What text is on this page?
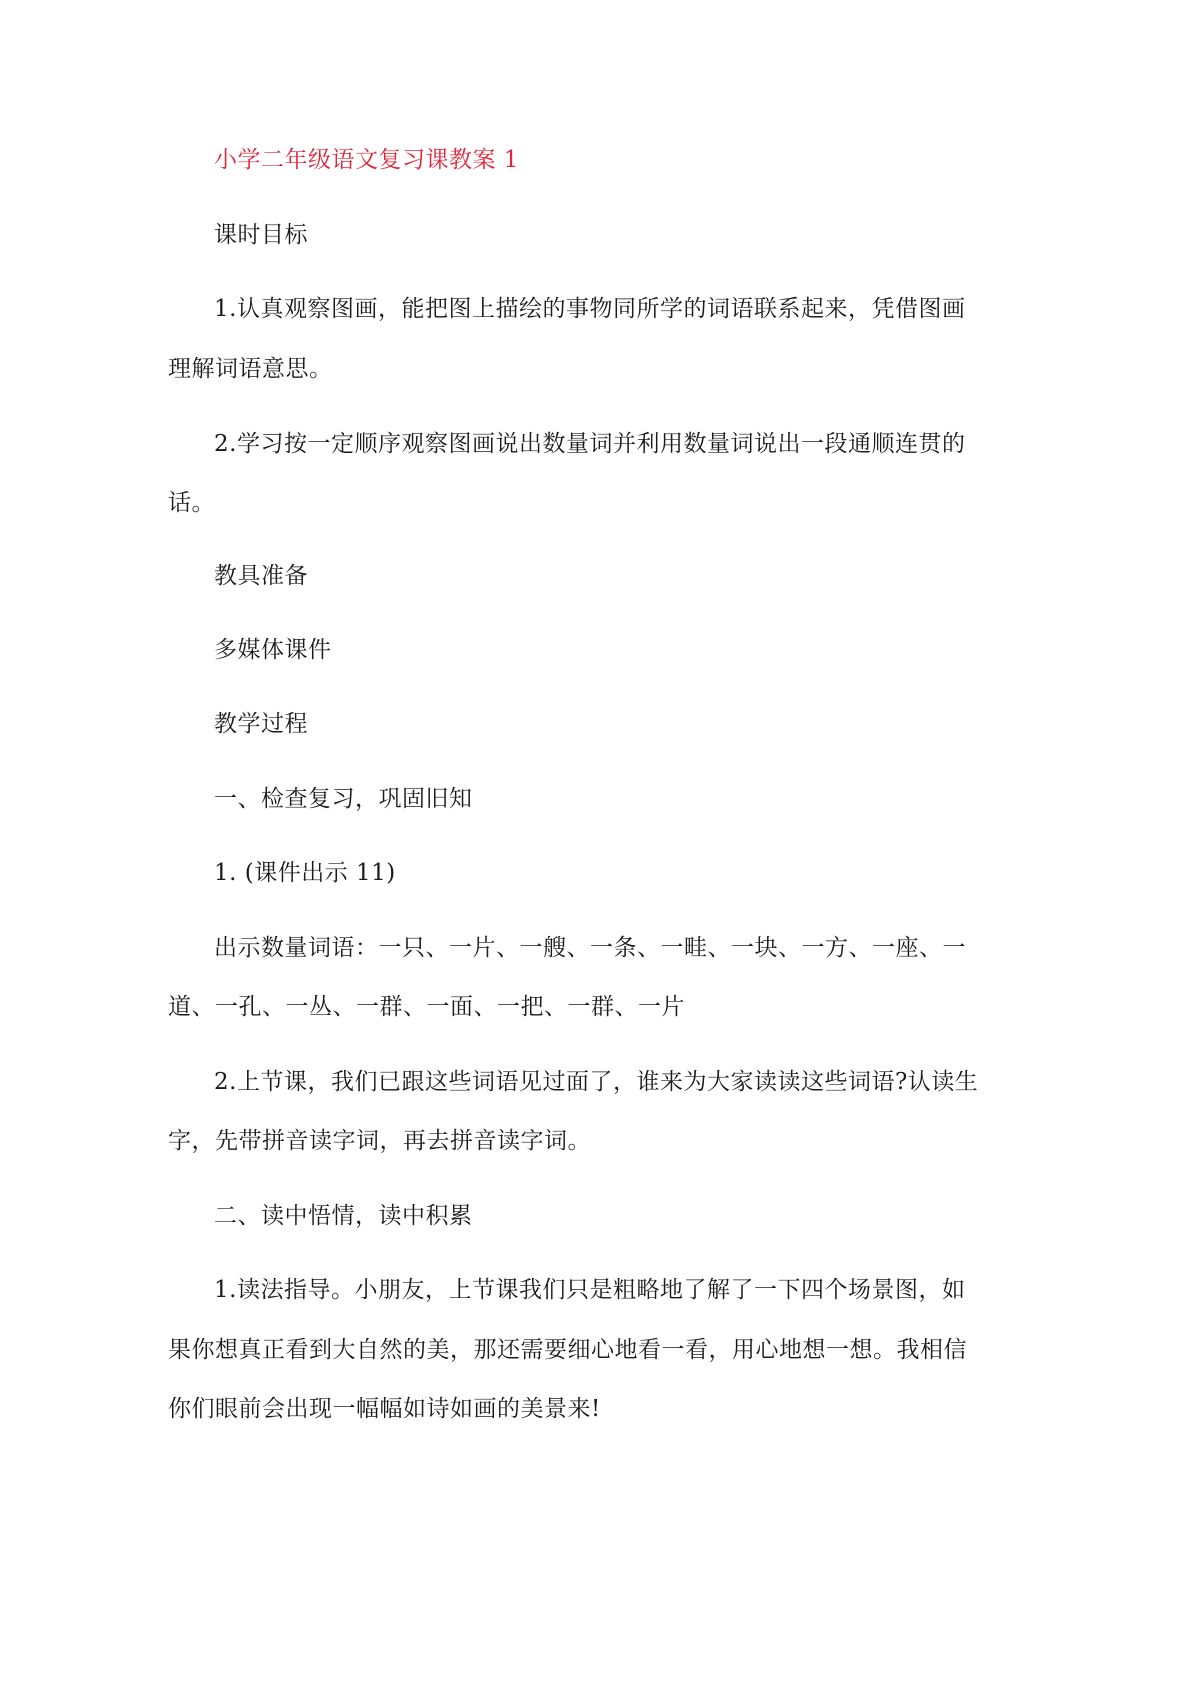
小学二年级语文复习课教案 1
课时目标
1.认真观察图画，能把图上描绘的事物同所学的词语联系起来，凭借图画
理解词语意思。
2.学习按一定顺序观察图画说出数量词并利用数量词说出一段通顺连贯的
话。
教具准备
多媒体课件
教学过程
一、检查复习，巩固旧知
1. (课件出示 11)
出示数量词语：一只、一片、一艘、一条、一畦、一块、一方、一座、一
道、一孔、一丛、一群、一面、一把、一群、一片
2.上节课，我们已跟这些词语见过面了，谁来为大家读读这些词语?认读生
字，先带拼音读字词，再去拼音读字词。
二、读中悟情，读中积累
1.读法指导。小朋友，上节课我们只是粗略地了解了一下四个场景图，如
果你想真正看到大自然的美，那还需要细心地看一看，用心地想一想。我相信
你们眼前会出现一幅幅如诗如画的美景来!
